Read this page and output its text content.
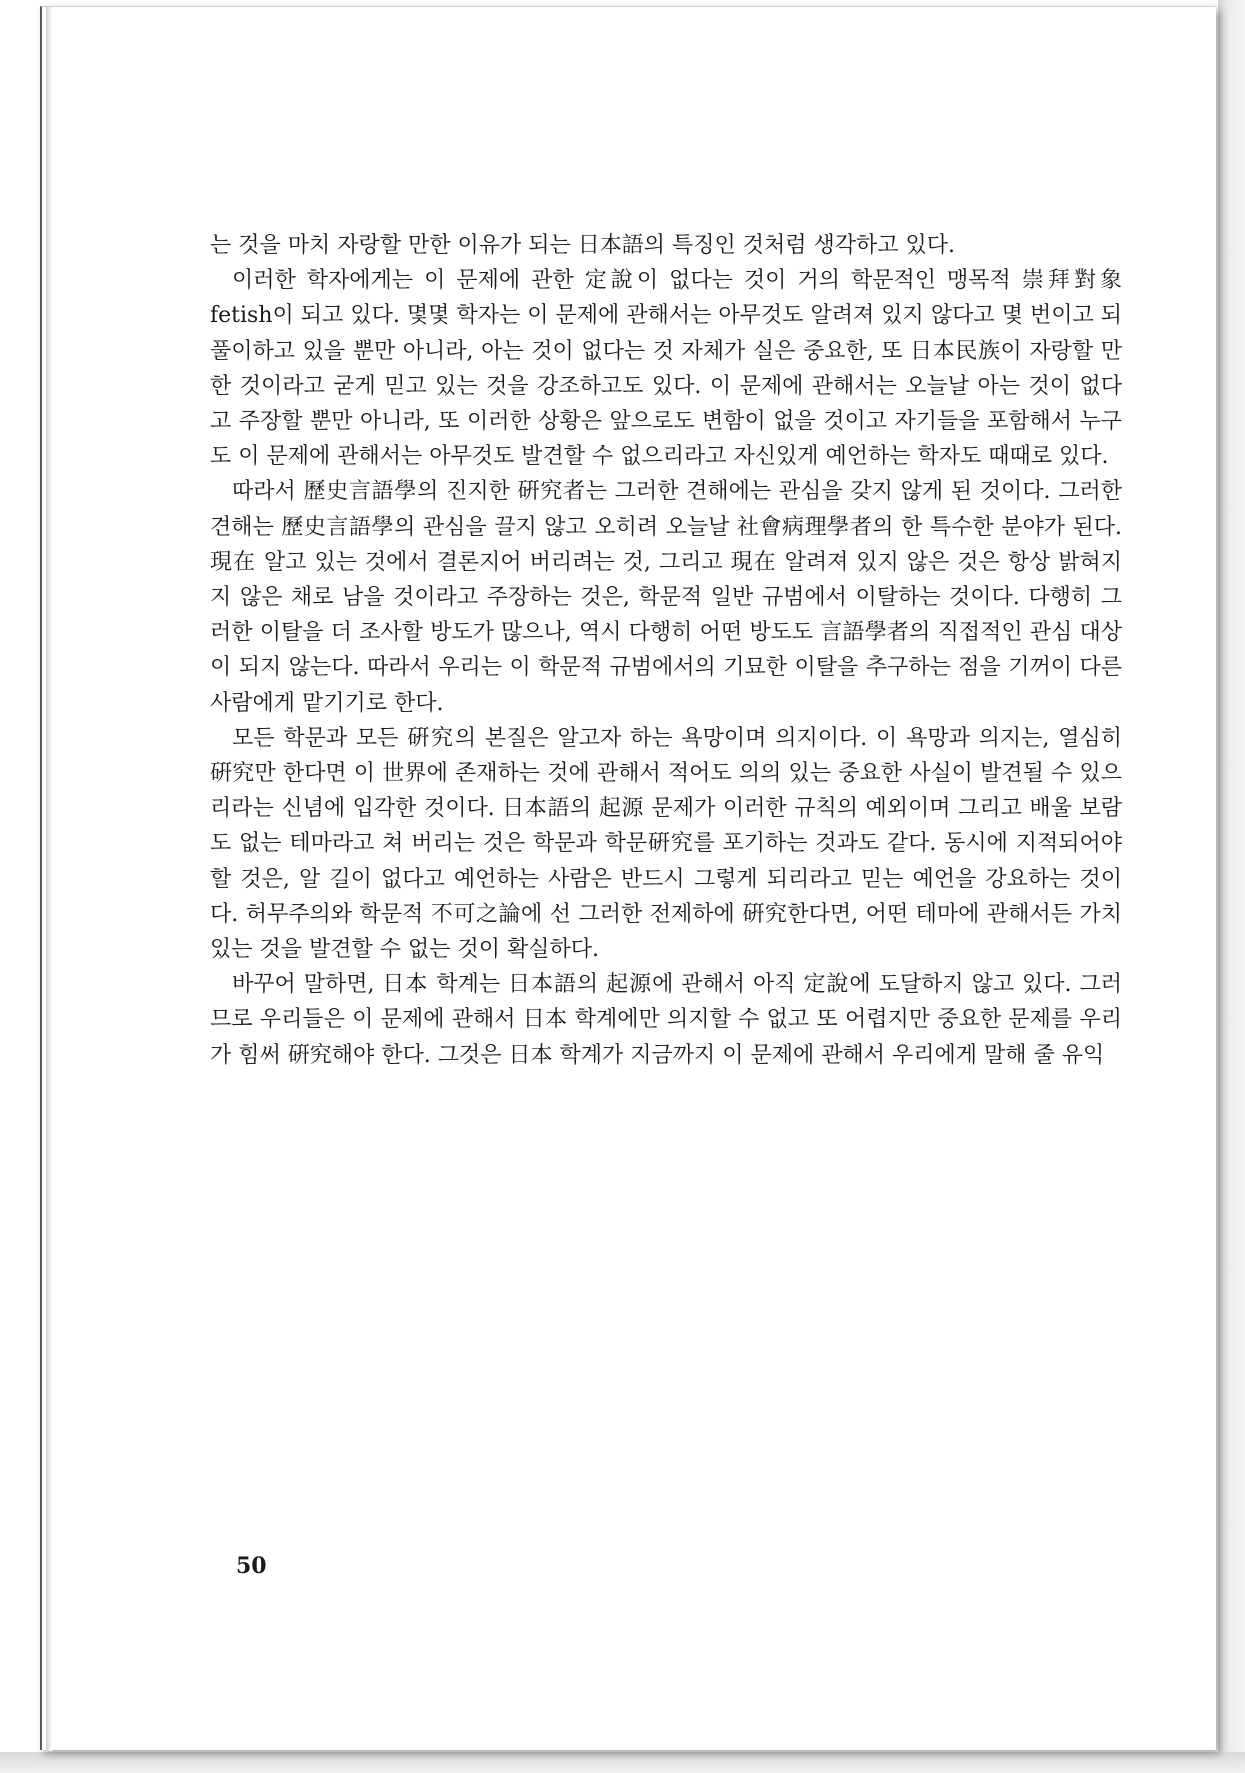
는 것을 마치 자랑할 만한 이유가 되는 日本語의 특징인 것처럼 생각하고 있다.

이러한 학자에게는 이 문제에 관한 定說이 없다는 것이 거의 학문적인 맹목적 崇拜對象 fetish이 되고 있다. 몇몇 학자는 이 문제에 관해서는 아무것도 알려져 있지 않다고 몇 번이고 되풀이하고 있을 뿐만 아니라, 아는 것이 없다는 것 자체가 실은 중요한, 또 日本民族이 자랑할 만한 것이라고 굳게 믿고 있는 것을 강조하고도 있다. 이 문제에 관해서는 오늘날 아는 것이 없다고 주장할 뿐만 아니라, 또 이러한 상황은 앞으로도 변함이 없을 것이고 자기들을 포함해서 누구도 이 문제에 관해서는 아무것도 발견할 수 없으리라고 자신있게 예언하는 학자도 때때로 있다.

따라서 歷史言語學의 진지한 硏究者는 그러한 견해에는 관심을 갖지 않게 된 것이다. 그러한 견해는 歷史言語學의 관심을 끌지 않고 오히려 오늘날 社會病理學者의 한 특수한 분야가 된다. 現在 알고 있는 것에서 결론지어 버리려는 것, 그리고 現在 알려져 있지 않은 것은 항상 밝혀지지 않은 채로 남을 것이라고 주장하는 것은, 학문적 일반 규범에서 이탈하는 것이다. 다행히 그러한 이탈을 더 조사할 방도가 많으나, 역시 다행히 어떤 방도도 言語學者의 직접적인 관심 대상이 되지 않는다. 따라서 우리는 이 학문적 규범에서의 기묘한 이탈을 추구하는 점을 기꺼이 다른 사람에게 맡기기로 한다.

모든 학문과 모든 硏究의 본질은 알고자 하는 욕망이며 의지이다. 이 욕망과 의지는, 열심히 硏究만 한다면 이 世界에 존재하는 것에 관해서 적어도 의의 있는 중요한 사실이 발견될 수 있으리라는 신념에 입각한 것이다. 日本語의 起源 문제가 이러한 규칙의 예외이며 그리고 배울 보람도 없는 테마라고 쳐 버리는 것은 학문과 학문硏究를 포기하는 것과도 같다. 동시에 지적되어야 할 것은, 알 길이 없다고 예언하는 사람은 반드시 그렇게 되리라고 믿는 예언을 강요하는 것이다. 허무주의와 학문적 不可之論에 선 그러한 전제하에 硏究한다면, 어떤 테마에 관해서든 가치 있는 것을 발견할 수 없는 것이 확실하다.

바꾸어 말하면, 日本 학계는 日本語의 起源에 관해서 아직 定說에 도달하지 않고 있다. 그러므로 우리들은 이 문제에 관해서 日本 학계에만 의지할 수 없고 또 어렵지만 중요한 문제를 우리가 힘써 硏究해야 한다. 그것은 日本 학계가 지금까지 이 문제에 관해서 우리에게 말해 줄 유익

50
